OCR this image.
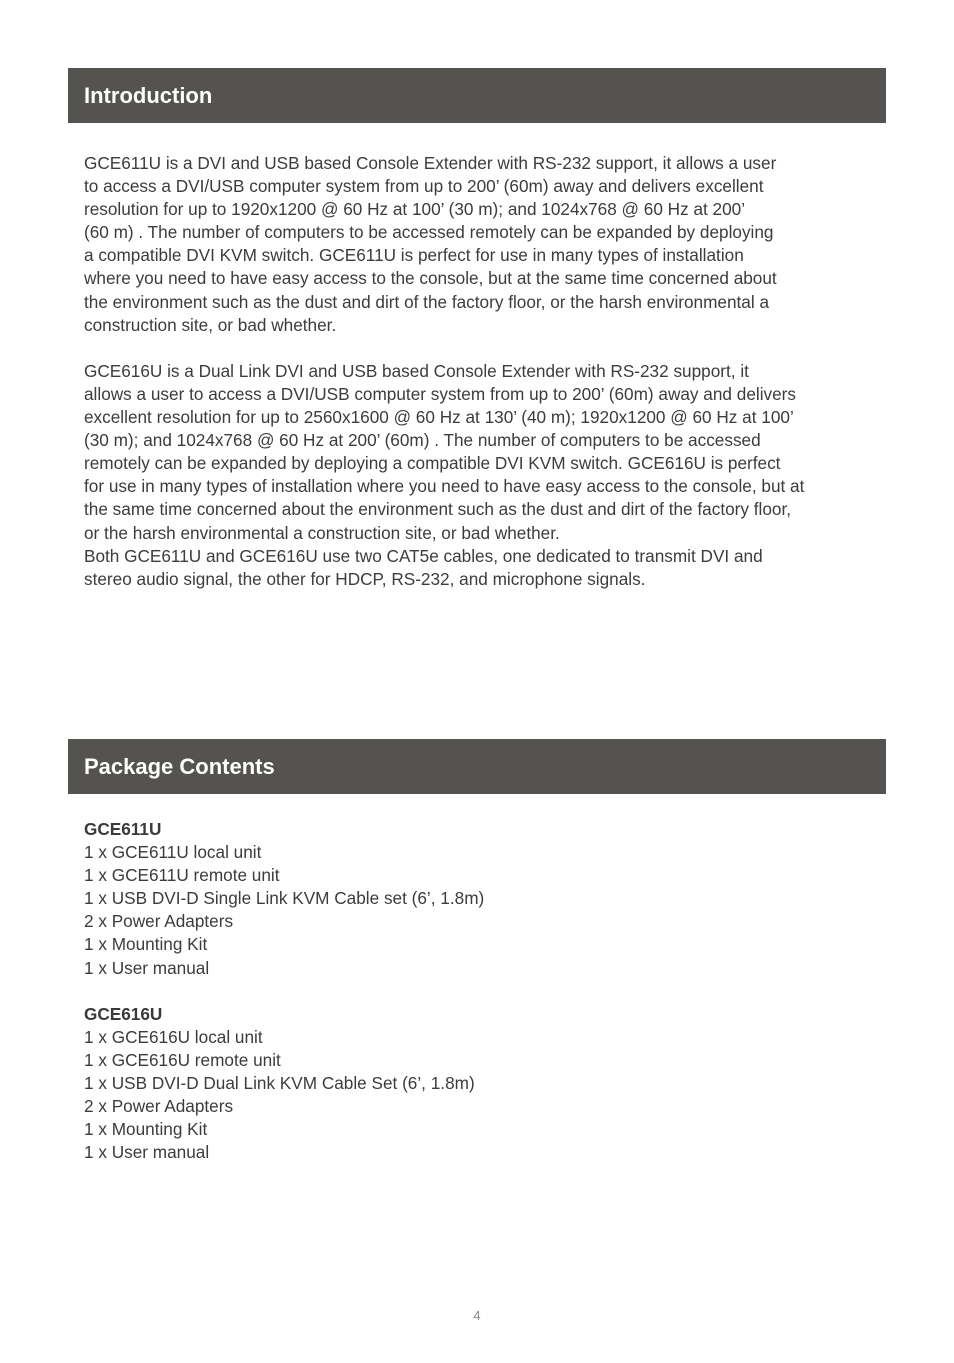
Introduction

GCE611U is a DVI and USB based Console Extender with RS-232 support, it allows a user
to access a DVI/USB computer system from up to 200’ (60m) away and delivers excellent
resolution for up to 1920x1200 @ 60 Hz at 100’ (30 m); and 1024x768 @ 60 Hz at 200’
(60 m) . The number of computers to be accessed remotely can be expanded by deploying
a compatible DVI KVM switch. GCE611U is perfect for use in many types of installation
where you need to have easy access to the console, but at the same time concerned about
the environment such as the dust and dirt of the factory floor, or the harsh environmental a
construction site, or bad whether.

GCE616U is a Dual Link DVI and USB based Console Extender with RS-232 support, it
allows a user to access a DVI/USB computer system from up to 200’ (60m) away and delivers
excellent resolution for up to 2560x1600 @ 60 Hz at 130’ (40 m); 1920x1200 @ 60 Hz at 100’
(30 m); and 1024x768 @ 60 Hz at 200’ (60m) . The number of computers to be accessed
remotely can be expanded by deploying a compatible DVI KVM switch. GCE616U is perfect
for use in many types of installation where you need to have easy access to the console, but at
the same time concerned about the environment such as the dust and dirt of the factory floor,
or the harsh environmental a construction site, or bad whether.

Both GCE611U and GCE616U use two CAT5e cables, one dedicated to transmit DVI and
stereo audio signal, the other for HDCP, RS-232, and microphone signals.

Package Contents
GCE611U
1 x GCE611U local unit
1 x GCE611U remote unit
1 x USB DVI-D Single Link KVM Cable set (6’, 1.8m)
2 x Power Adapters
1 x Mounting Kit
1 x User manual
GCE616U
1 x GCE616U local unit
1 x GCE616U remote unit
1 x USB DVI-D Dual Link KVM Cable Set (6’, 1.8m)
2 x Power Adapters
1 x Mounting Kit
1 x User manual
4
